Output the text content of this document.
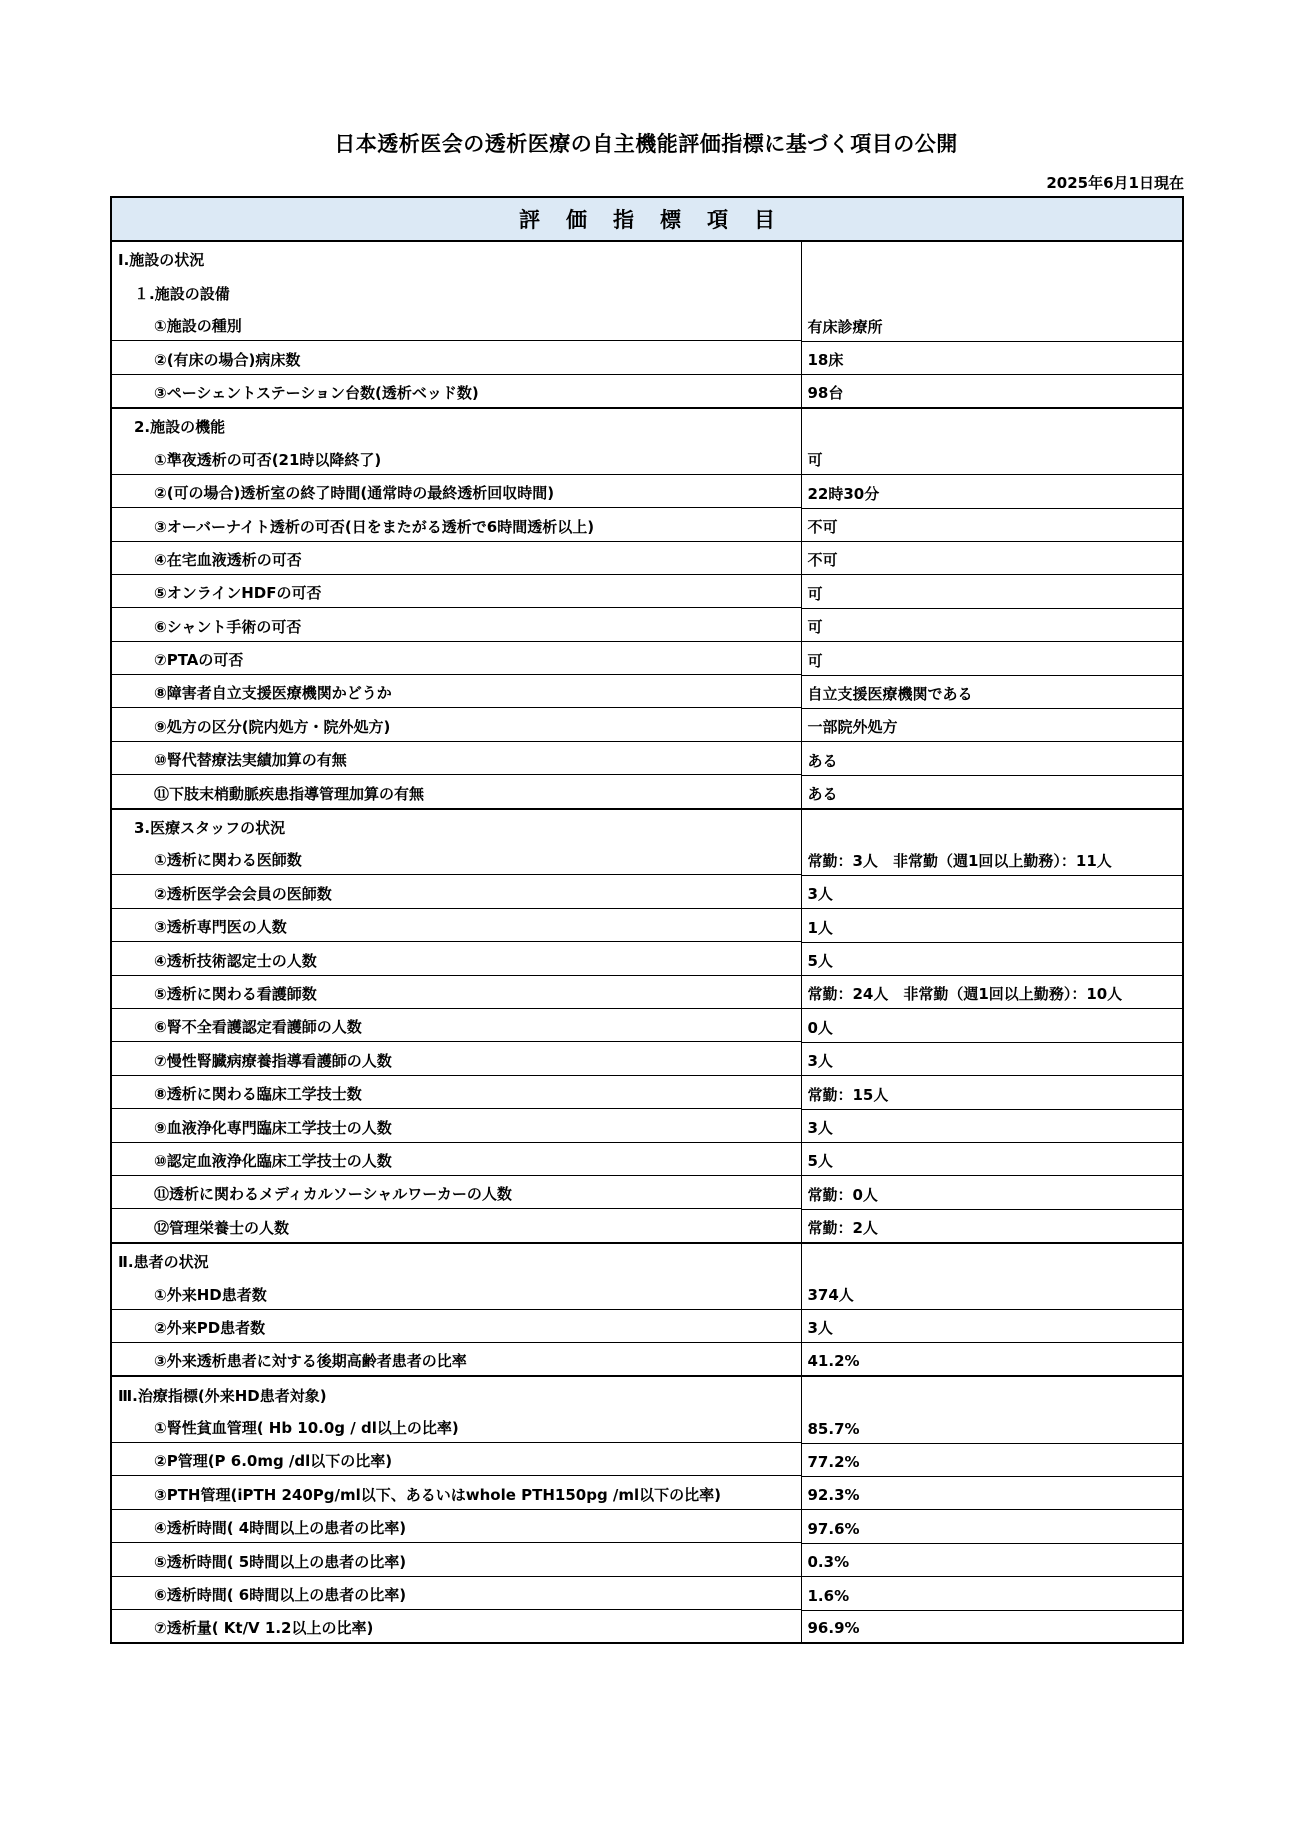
日本透析医会の透析医療の自主機能評価指標に基づく項目の公開
2025年6月1日現在
評価指標項目	
Ⅰ.施設の状況	
１.施設の設備	
①施設の種別	有床診療所
②(有床の場合)病床数	18床
③ペーシェントステーション台数(透析ベッド数)	98台
2.施設の機能	
①準夜透析の可否(21時以降終了)	可
②(可の場合)透析室の終了時間(通常時の最終透析回収時間)	22時30分
③オーバーナイト透析の可否(日をまたがる透析で6時間透析以上)	不可
④在宅血液透析の可否	不可
⑤オンラインHDFの可否	可
⑥シャント手術の可否	可
⑦PTAの可否	可
⑧障害者自立支援医療機関かどうか	自立支援医療機関である
⑨処方の区分(院内処方・院外処方)	一部院外処方
⑩腎代替療法実績加算の有無	ある
⑪下肢末梢動脈疾患指導管理加算の有無	ある
3.医療スタッフの状況	
①透析に関わる医師数	常勤：3人　非常勤（週1回以上勤務）：11人
②透析医学会会員の医師数	3人
③透析専門医の人数	1人
④透析技術認定士の人数	5人
⑤透析に関わる看護師数	常勤：24人　非常勤（週1回以上勤務）：10人
⑥腎不全看護認定看護師の人数	0人
⑦慢性腎臓病療養指導看護師の人数	3人
⑧透析に関わる臨床工学技士数	常勤：15人
⑨血液浄化専門臨床工学技士の人数	3人
⑩認定血液浄化臨床工学技士の人数	5人
⑪透析に関わるメディカルソーシャルワーカーの人数	常勤：0人
⑫管理栄養士の人数	常勤：2人
Ⅱ.患者の状況	
①外来HD患者数	374人
②外来PD患者数	3人
③外来透析患者に対する後期高齢者患者の比率	41.2%
Ⅲ.治療指標(外来HD患者対象)	
①腎性貧血管理( Hb 10.0g / dl以上の比率)	85.7%
②P管理(P 6.0mg /dl以下の比率)	77.2%
③PTH管理(iPTH 240Pg/ml以下、あるいはwhole PTH150pg /ml以下の比率)	92.3%
④透析時間( 4時間以上の患者の比率)	97.6%
⑤透析時間( 5時間以上の患者の比率)	0.3%
⑥透析時間( 6時間以上の患者の比率)	1.6%
⑦透析量( Kt/V 1.2以上の比率)	96.9%
